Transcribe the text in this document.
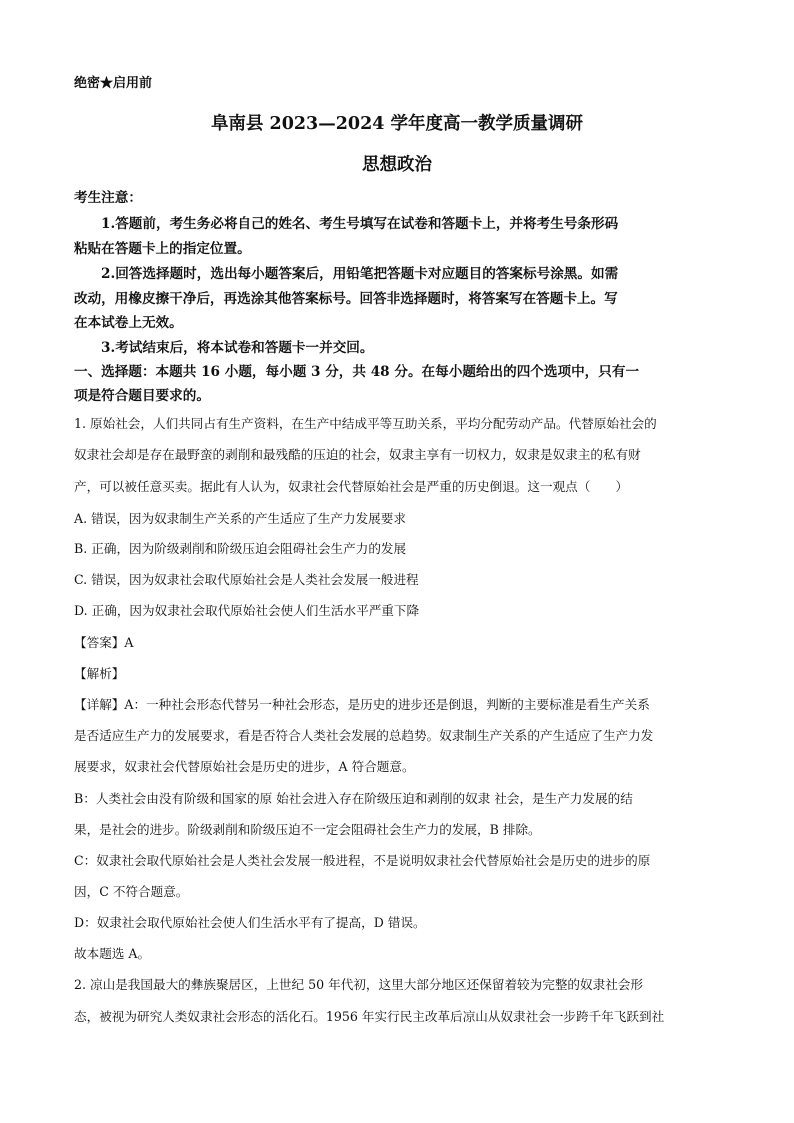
绝密★启用前
阜南县 2023—2024 学年度高一教学质量调研
思想政治
考生注意：
1.答题前，考生务必将自己的姓名、考生号填写在试卷和答题卡上，并将考生号条形码
粘贴在答题卡上的指定位置。
2.回答选择题时，选出每小题答案后，用铅笔把答题卡对应题目的答案标号涂黑。如需
改动，用橡皮擦干净后，再选涂其他答案标号。回答非选择题时，将答案写在答题卡上。写
在本试卷上无效。
3.考试结束后，将本试卷和答题卡一并交回。
一、选择题：本题共 16 小题，每小题 3 分，共 48 分。在每小题给出的四个选项中，只有一
项是符合题目要求的。
1. 原始社会，人们共同占有生产资料，在生产中结成平等互助关系，平均分配劳动产品。代替原始社会的
奴隶社会却是存在最野蛮的剥削和最残酷的压迫的社会，奴隶主享有一切权力，奴隶是奴隶主的私有财
产，可以被任意买卖。据此有人认为，奴隶社会代替原始社会是严重的历史倒退。这一观点（　　）
A. 错误，因为奴隶制生产关系的产生适应了生产力发展要求
B. 正确，因为阶级剥削和阶级压迫会阻碍社会生产力的发展
C. 错误，因为奴隶社会取代原始社会是人类社会发展一般进程
D. 正确，因为奴隶社会取代原始社会使人们生活水平严重下降
【答案】A
【解析】
【详解】A：一种社会形态代替另一种社会形态，是历史的进步还是倒退，判断的主要标准是看生产关系
是否适应生产力的发展要求，看是否符合人类社会发展的总趋势。奴隶制生产关系的产生适应了生产力发
展要求，奴隶社会代替原始社会是历史的进步，A 符合题意。
B：人类社会由没有阶级和国家的原 始社会进入存在阶级压迫和剥削的奴隶 社会，是生产力发展的结
果，是社会的进步。阶级剥削和阶级压迫不一定会阻碍社会生产力的发展，B 排除。
C：奴隶社会取代原始社会是人类社会发展一般进程，不是说明奴隶社会代替原始社会是历史的进步的原
因，C 不符合题意。
D：奴隶社会取代原始社会使人们生活水平有了提高，D 错误。
故本题选 A。
2. 凉山是我国最大的彝族聚居区，上世纪 50 年代初，这里大部分地区还保留着较为完整的奴隶社会形
态，被视为研究人类奴隶社会形态的活化石。1956 年实行民主改革后凉山从奴隶社会一步跨千年飞跃到社
